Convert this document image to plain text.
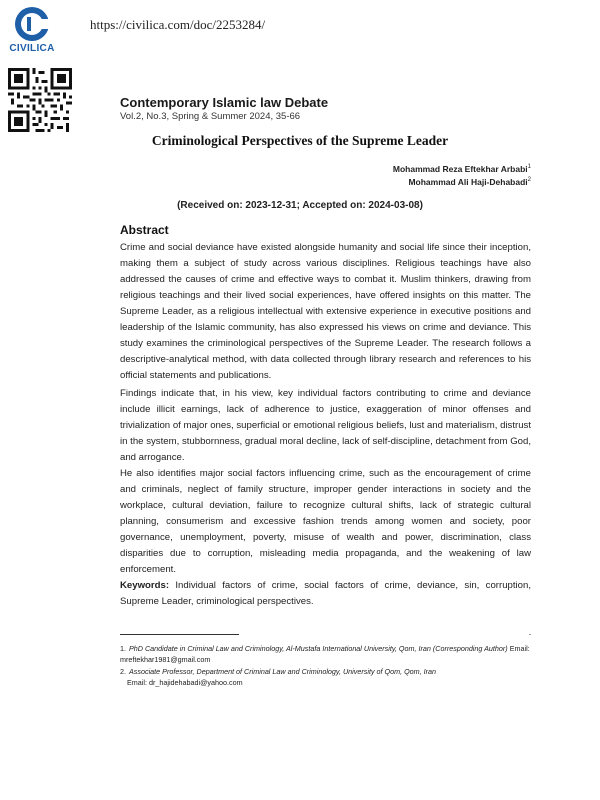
CIVILICA
https://civilica.com/doc/2253284/
Contemporary Islamic law Debate
Vol.2, No.3, Spring & Summer 2024, 35-66
Criminological Perspectives of the Supreme Leader
Mohammad Reza Eftekhar Arbabi$^1$
Mohammad Ali Haji-Dehabadi$^2$
(Received on: 2023-12-31; Accepted on: 2024-03-08)
Abstract

Crime and social deviance have existed alongside humanity and social life since their inception, making them a subject of study across various disciplines. Religious teachings have also addressed the causes of crime and effective ways to combat it. Muslim thinkers, drawing from religious teachings and their lived social experiences, have offered insights on this matter. The Supreme Leader, as a religious intellectual with extensive experience in executive positions and leadership of the Islamic community, has also expressed his views on crime and deviance. This study examines the criminological perspectives of the Supreme Leader. The research follows a descriptive-analytical method, with data collected through library research and references to his official statements and publications.

Findings indicate that, in his view, key individual factors contributing to crime and deviance include illicit earnings, lack of adherence to justice, exaggeration of minor offenses and trivialization of major ones, superficial or emotional religious beliefs, lust and materialism, distrust in the system, stubbornness, gradual moral decline, lack of self-discipline, detachment from God, and arrogance.

He also identifies major social factors influencing crime, such as the encouragement of crime and criminals, neglect of family structure, improper gender interactions in society and the workplace, cultural deviation, failure to recognize cultural shifts, lack of strategic cultural planning, consumerism and excessive fashion trends among women and society, poor governance, unemployment, poverty, misuse of wealth and power, discrimination, class disparities due to corruption, misleading media propaganda, and the weakening of law enforcement.

Keywords: Individual factors of crime, social factors of crime, deviance, sin, corruption, Supreme Leader, criminological perspectives.

1. PhD Candidate in Criminal Law and Criminology, Al-Mustafa International University, Qom, Iran (Corresponding Author) Email: mreftekhar1981@gmail.com
2. Associate Professor, Department of Criminal Law and Criminology, University of Qom, Qom, Iran
Email: dr_hajidehabadi@yahoo.com
